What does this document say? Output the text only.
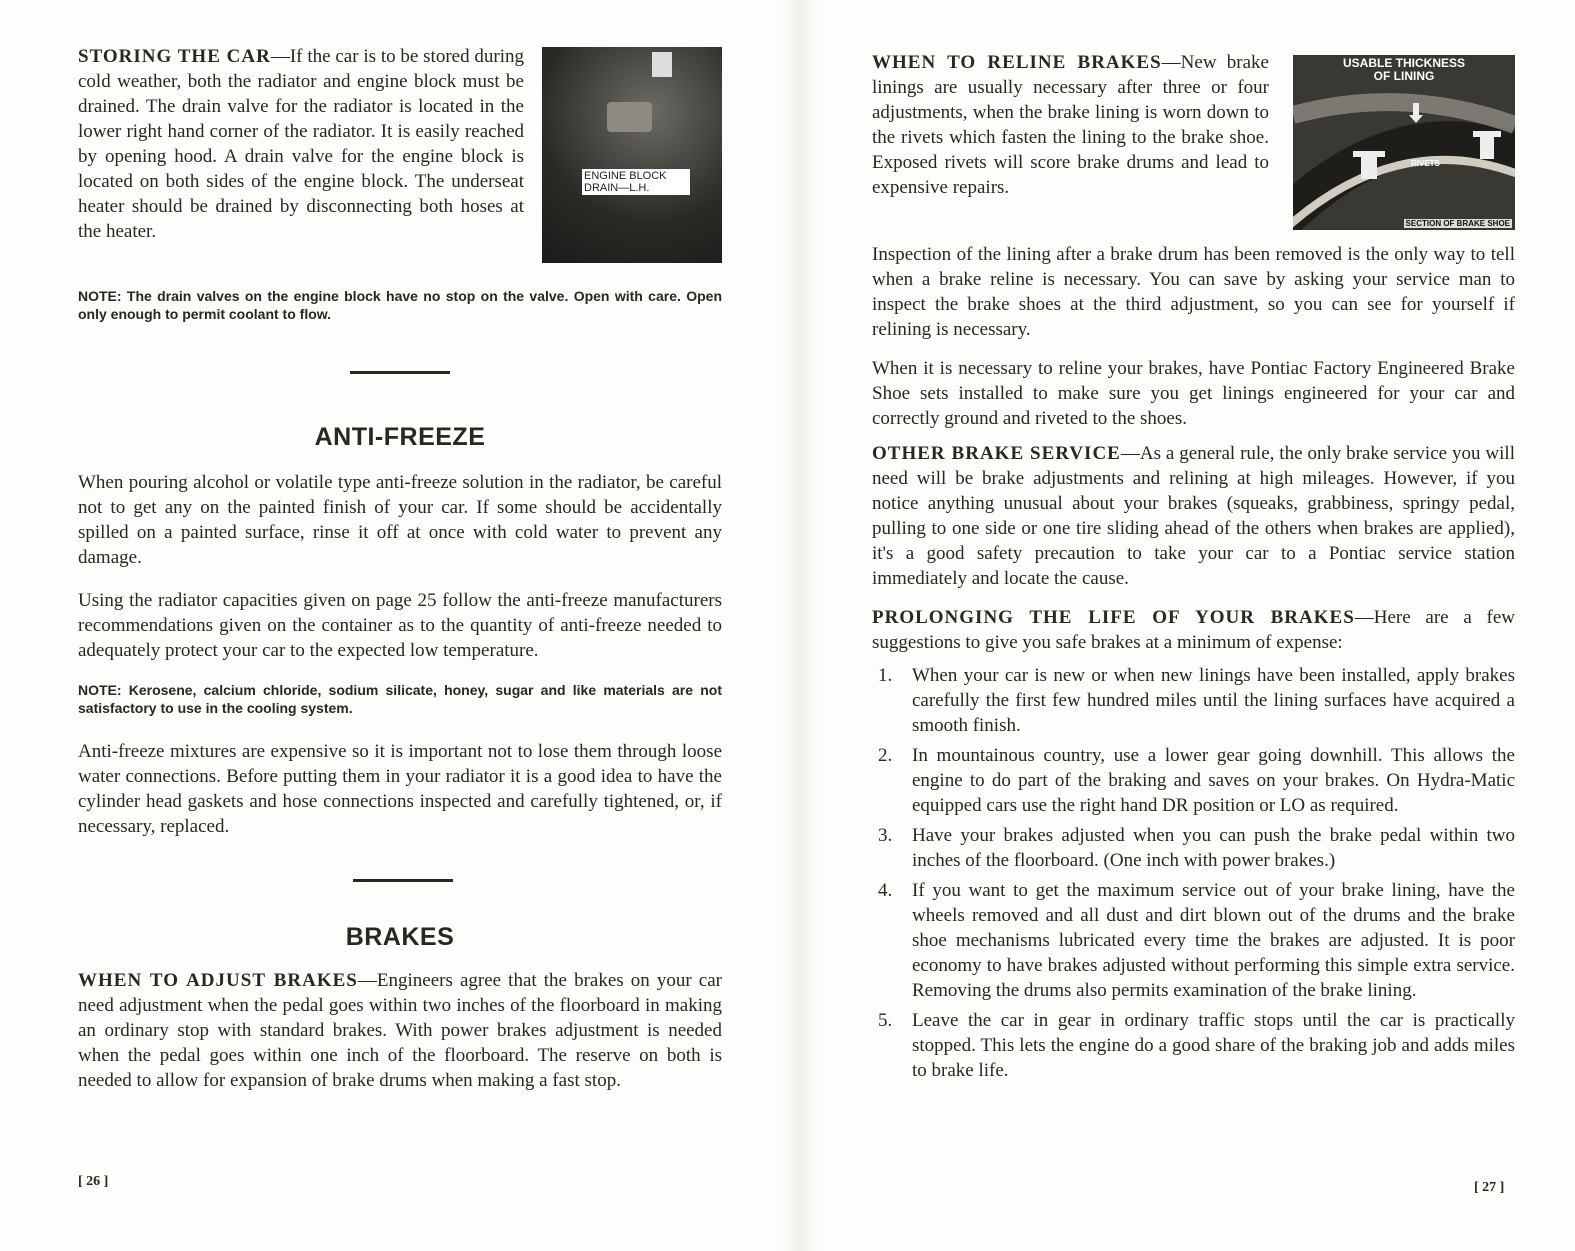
ENGINE BLOCK
DRAIN—L.H.

STORING THE CAR—If the car is to be stored during cold weather, both the radiator and engine block must be drained. The drain valve for the radiator is located in the lower right hand corner of the radiator. It is easily reached by opening hood. A drain valve for the engine block is located on both sides of the engine block. The underseat heater should be drained by disconnecting both hoses at the heater.

NOTE: The drain valves on the engine block have no stop on the valve. Open with care. Open only enough to permit coolant to flow.

ANTI-FREEZE

When pouring alcohol or volatile type anti-freeze solution in the radiator, be careful not to get any on the painted finish of your car. If some should be accidentally spilled on a painted surface, rinse it off at once with cold water to prevent any damage.

Using the radiator capacities given on page 25 follow the anti-freeze manufacturers recommendations given on the container as to the quantity of anti-freeze needed to adequately protect your car to the expected low temperature.

NOTE: Kerosene, calcium chloride, sodium silicate, honey, sugar and like materials are not satisfactory to use in the cooling system.

Anti-freeze mixtures are expensive so it is important not to lose them through loose water connections. Before putting them in your radiator it is a good idea to have the cylinder head gaskets and hose connections inspected and carefully tightened, or, if necessary, replaced.

BRAKES

WHEN TO ADJUST BRAKES—Engineers agree that the brakes on your car need adjustment when the pedal goes within two inches of the floorboard in making an ordinary stop with standard brakes. With power brakes adjustment is needed when the pedal goes within one inch of the floorboard. The reserve on both is needed to allow for expansion of brake drums when making a fast stop.

[ 26 ]
USABLE THICKNESS
OF LINING
RIVETS
SECTION OF BRAKE SHOE

WHEN TO RELINE BRAKES—New brake linings are usually necessary after three or four adjustments, when the brake lining is worn down to the rivets which fasten the lining to the brake shoe. Exposed rivets will score brake drums and lead to expensive repairs.

Inspection of the lining after a brake drum has been removed is the only way to tell when a brake reline is necessary. You can save by asking your service man to inspect the brake shoes at the third adjustment, so you can see for yourself if relining is necessary.

When it is necessary to reline your brakes, have Pontiac Factory Engineered Brake Shoe sets installed to make sure you get linings engineered for your car and correctly ground and riveted to the shoes.

OTHER BRAKE SERVICE—As a general rule, the only brake service you will need will be brake adjustments and relining at high mileages. However, if you notice anything unusual about your brakes (squeaks, grabbiness, springy pedal, pulling to one side or one tire sliding ahead of the others when brakes are applied), it's a good safety precaution to take your car to a Pontiac service station immediately and locate the cause.

PROLONGING THE LIFE OF YOUR BRAKES—Here are a few suggestions to give you safe brakes at a minimum of expense:

1. When your car is new or when new linings have been installed, apply brakes carefully the first few hundred miles until the lining surfaces have acquired a smooth finish.
2. In mountainous country, use a lower gear going downhill. This allows the engine to do part of the braking and saves on your brakes. On Hydra-Matic equipped cars use the right hand DR position or LO as required.
3. Have your brakes adjusted when you can push the brake pedal within two inches of the floorboard. (One inch with power brakes.)
4. If you want to get the maximum service out of your brake lining, have the wheels removed and all dust and dirt blown out of the drums and the brake shoe mechanisms lubricated every time the brakes are adjusted. It is poor economy to have brakes adjusted without performing this simple extra service. Removing the drums also permits examination of the brake lining.
5. Leave the car in gear in ordinary traffic stops until the car is practically stopped. This lets the engine do a good share of the braking job and adds miles to brake life.
[ 27 ]
